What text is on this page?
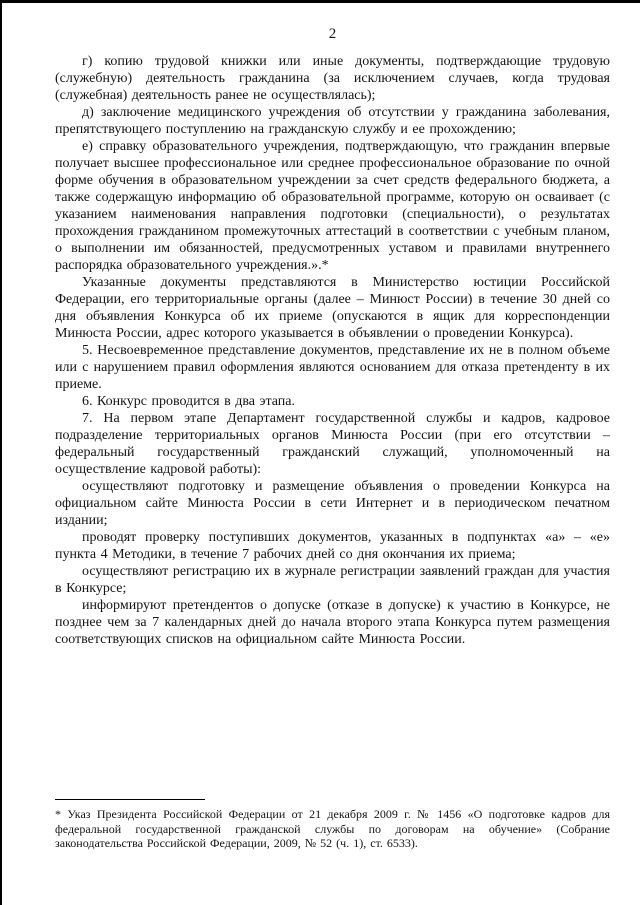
2

г) копию трудовой книжки или иные документы, подтверждающие трудовую (служебную) деятельность гражданина (за исключением случаев, когда трудовая (служебная) деятельность ранее не осуществлялась);

д) заключение медицинского учреждения об отсутствии у гражданина заболевания, препятствующего поступлению на гражданскую службу и ее прохождению;

е) справку образовательного учреждения, подтверждающую, что гражданин впервые получает высшее профессиональное или среднее профессиональное образование по очной форме обучения в образовательном учреждении за счет средств федерального бюджета, а также содержащую информацию об образовательной программе, которую он осваивает (с указанием наименования направления подготовки (специальности), о результатах прохождения гражданином промежуточных аттестаций в соответствии с учебным планом, о выполнении им обязанностей, предусмотренных уставом и правилами внутреннего распорядка образовательного учреждения.».*

Указанные документы представляются в Министерство юстиции Российской Федерации, его территориальные органы (далее – Минюст России) в течение 30 дней со дня объявления Конкурса об их приеме (опускаются в ящик для корреспонденции Минюста России, адрес которого указывается в объявлении о проведении Конкурса).

5. Несвоевременное представление документов, представление их не в полном объеме или с нарушением правил оформления являются основанием для отказа претенденту в их приеме.

6. Конкурс проводится в два этапа.

7. На первом этапе Департамент государственной службы и кадров, кадровое подразделение территориальных органов Минюста России (при его отсутствии – федеральный государственный гражданский служащий, уполномоченный на осуществление кадровой работы):

осуществляют подготовку и размещение объявления о проведении Конкурса на официальном сайте Минюста России в сети Интернет и в периодическом печатном издании;

проводят проверку поступивших документов, указанных в подпунктах «а» – «е» пункта 4 Методики, в течение 7 рабочих дней со дня окончания их приема;

осуществляют регистрацию их в журнале регистрации заявлений граждан для участия в Конкурсе;

информируют претендентов о допуске (отказе в допуске) к участию в Конкурсе, не позднее чем за 7 календарных дней до начала второго этапа Конкурса путем размещения соответствующих списков на официальном сайте Минюста России.

* Указ Президента Российской Федерации от 21 декабря 2009 г. № 1456 «О подготовке кадров для федеральной государственной гражданской службы по договорам на обучение» (Собрание законодательства Российской Федерации, 2009, № 52 (ч. 1), ст. 6533).
